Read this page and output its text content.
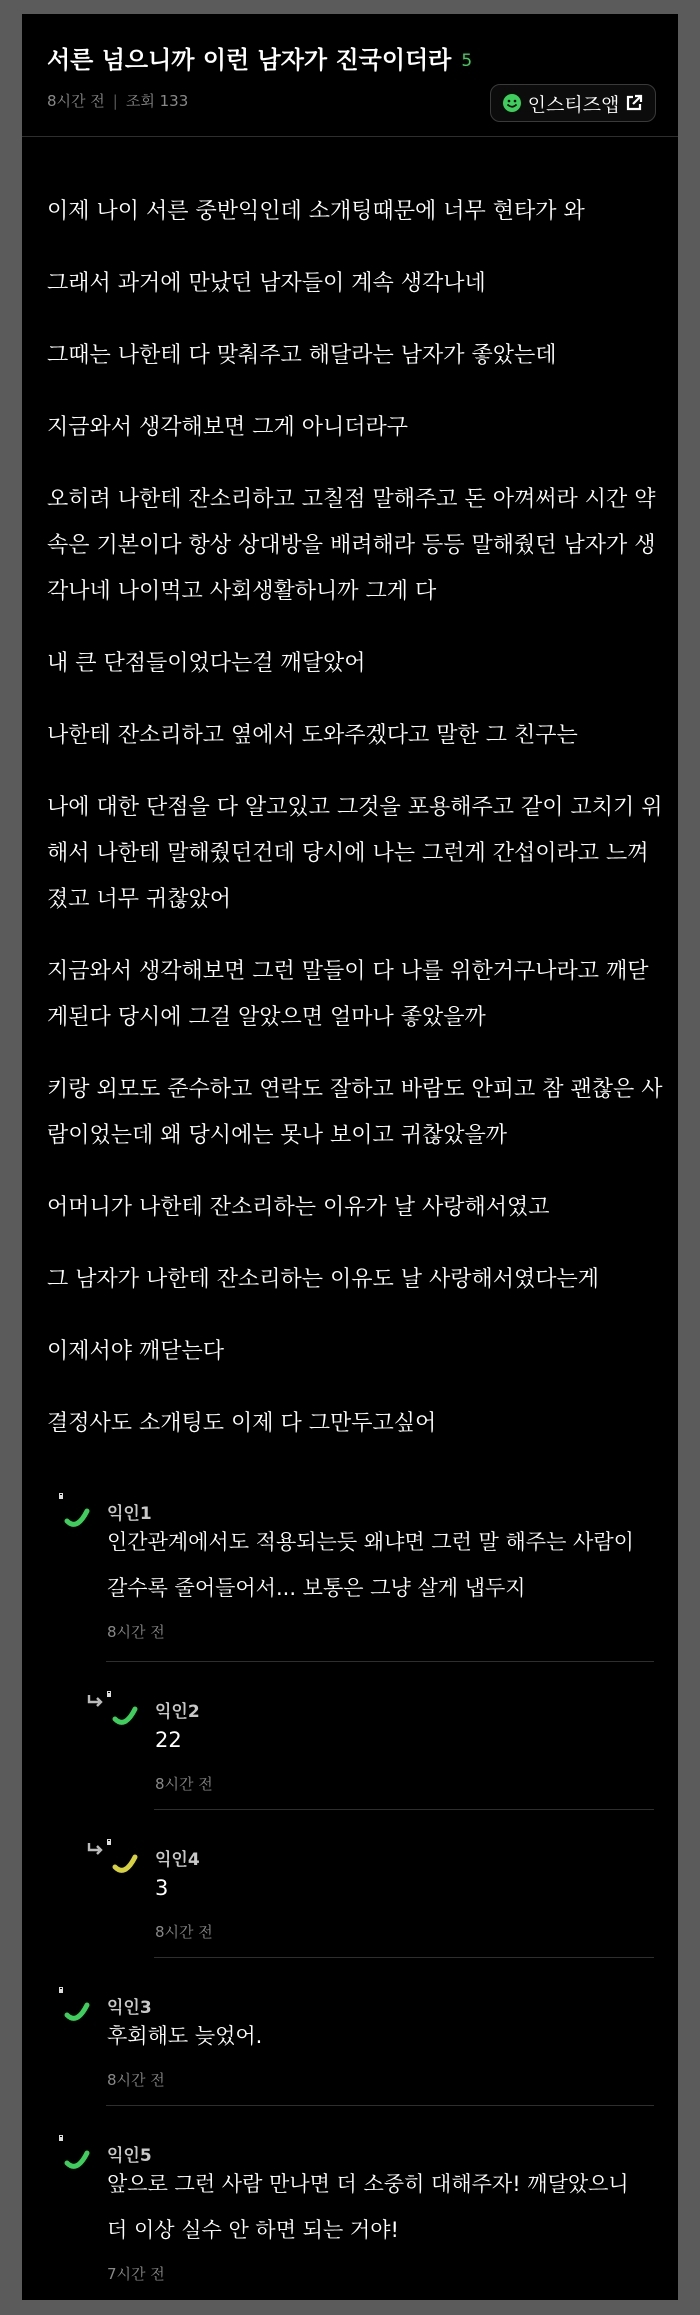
서른 넘으니까 이런 남자가 진국이더라 5
8시간 전 | 조회 133	인스티즈앱

이제 나이 서른 중반익인데 소개팅때문에 너무 현타가 와

그래서 과거에 만났던 남자들이 계속 생각나네

그때는 나한테 다 맞춰주고 해달라는 남자가 좋았는데

지금와서 생각해보면 그게 아니더라구

오히려 나한테 잔소리하고 고칠점 말해주고 돈 아껴써라 시간 약속은 기본이다 항상 상대방을 배려해라 등등 말해줬던 남자가 생각나네 나이먹고 사회생활하니까 그게 다

내 큰 단점들이었다는걸 깨달았어

나한테 잔소리하고 옆에서 도와주겠다고 말한 그 친구는

나에 대한 단점을 다 알고있고 그것을 포용해주고 같이 고치기 위해서 나한테 말해줬던건데 당시에 나는 그런게 간섭이라고 느껴졌고 너무 귀찮았어

지금와서 생각해보면 그런 말들이 다 나를 위한거구나라고 깨닫게된다 당시에 그걸 알았으면 얼마나 좋았을까

키랑 외모도 준수하고 연락도 잘하고 바람도 안피고 참 괜찮은 사람이었는데 왜 당시에는 못나 보이고 귀찮았을까

어머니가 나한테 잔소리하는 이유가 날 사랑해서였고

그 남자가 나한테 잔소리하는 이유도 날 사랑해서였다는게

이제서야 깨닫는다

결정사도 소개팅도 이제 다 그만두고싶어

익인1
인간관계에서도 적용되는듯 왜냐면 그런 말 해주는 사람이
갈수록 줄어들어서... 보통은 그냥 살게 냅두지
8시간 전
익인2
22
8시간 전
익인4
3
8시간 전
익인3
후회해도 늦었어.
8시간 전
익인5
앞으로 그런 사람 만나면 더 소중히 대해주자! 깨달았으니
더 이상 실수 안 하면 되는 거야!
7시간 전
